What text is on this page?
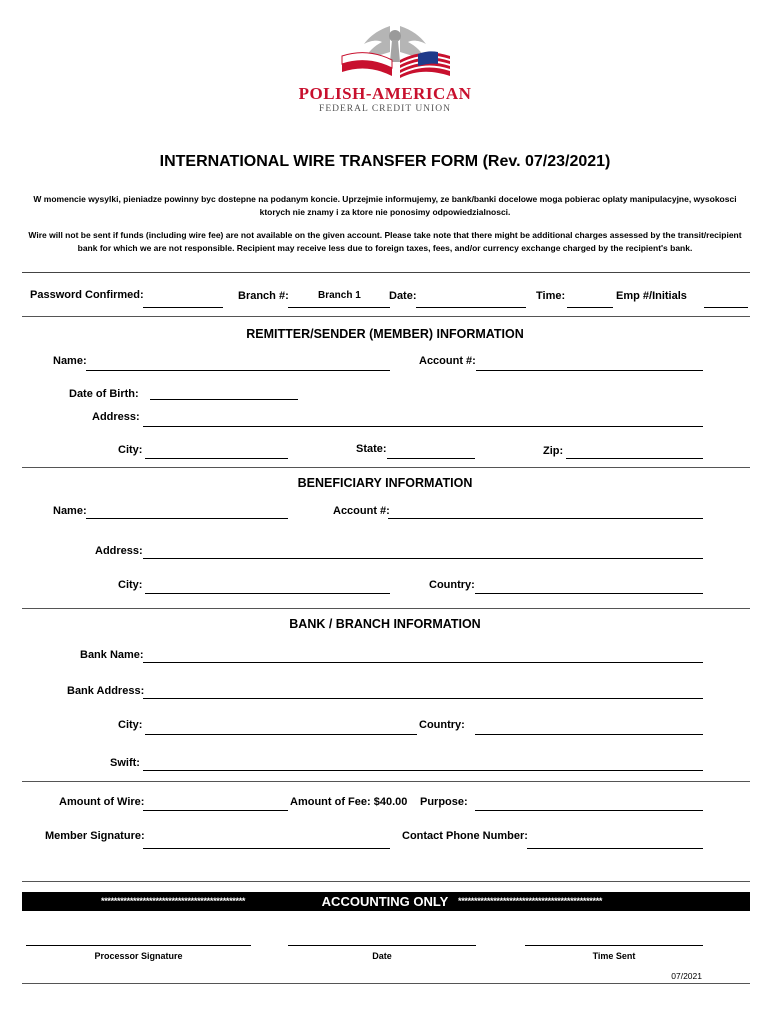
POLISH-AMERICAN
FEDERAL CREDIT UNION
INTERNATIONAL WIRE TRANSFER FORM (Rev. 07/23/2021)
W momencie wysylki, pieniadze powinny byc dostepne na podanym koncie. Uprzejmie informujemy, ze bank/banki docelowe moga pobierac oplaty manipulacyjne, wysokosci ktorych nie znamy i za ktore nie ponosimy odpowiedzialnosci.
Wire will not be sent if funds (including wire fee) are not available on the given account. Please take note that there might be additional charges assessed by the transit/recipient bank for which we are not responsible. Recipient may receive less due to foreign taxes, fees, and/or currency exchange charged by the recipient's bank.
Password Confirmed:	Branch #:	Branch 1	Date:	Time:	Emp #/Initials
REMITTER/SENDER (MEMBER) INFORMATION
Name:	Account #:
Date of Birth:
Address:
City:	State:	Zip:
BENEFICIARY INFORMATION
Name:	Account #:
Address:
City:	Country:
BANK / BRANCH INFORMATION
Bank Name:
Bank Address:
City:	Country:
Swift:
Amount of Wire:	Amount of Fee: $40.00 Purpose:
Member Signature:	Contact Phone Number:
*********************************************	ACCOUNTING ONLY	*********************************************
Processor Signature	Date	Time Sent
07/2021
